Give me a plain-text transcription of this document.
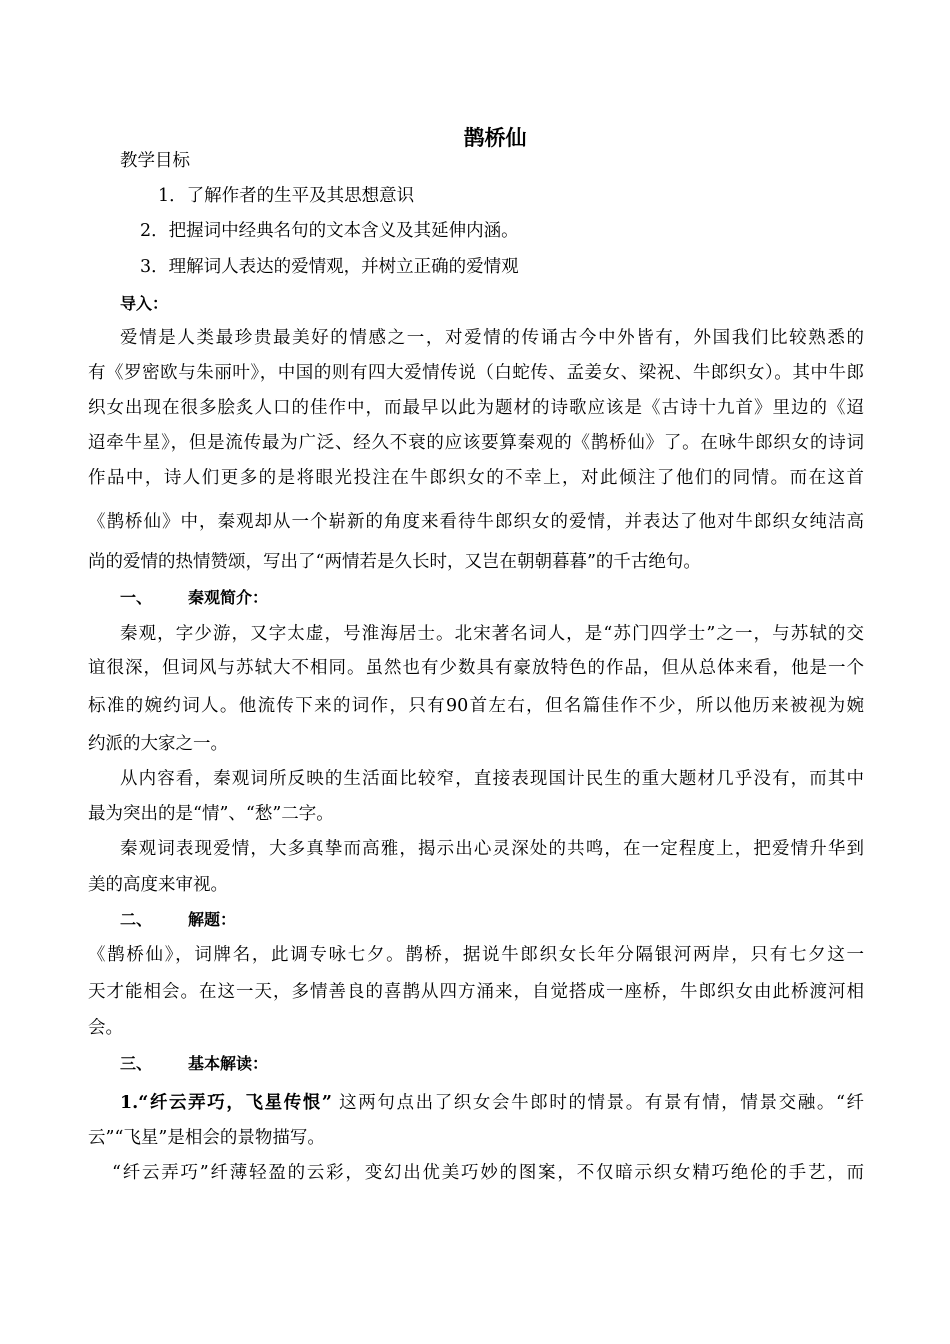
鹊桥仙

教学目标

1．了解作者的生平及其思想意识

2．把握词中经典名句的文本含义及其延伸内涵。

3．理解词人表达的爱情观，并树立正确的爱情观

导入：

爱情是人类最珍贵最美好的情感之一，对爱情的传诵古今中外皆有，外国我们比较熟悉的

有《罗密欧与朱丽叶》，中国的则有四大爱情传说（白蛇传、孟姜女、梁祝、牛郎织女）。其中牛郎

织女出现在很多脍炙人口的佳作中，而最早以此为题材的诗歌应该是《古诗十九首》里边的《迢

迢牵牛星》，但是流传最为广泛、经久不衰的应该要算秦观的《鹊桥仙》了。在咏牛郎织女的诗词

作品中，诗人们更多的是将眼光投注在牛郎织女的不幸上，对此倾注了他们的同情。而在这首

《鹊桥仙》中，秦观却从一个崭新的角度来看待牛郎织女的爱情，并表达了他对牛郎织女纯洁高

尚的爱情的热情赞颂，写出了“两情若是久长时，又岂在朝朝暮暮”的千古绝句。

一、 秦观简介：

秦观，字少游，又字太虚，号淮海居士。北宋著名词人，是“苏门四学士”之一，与苏轼的交

谊很深，但词风与苏轼大不相同。虽然也有少数具有豪放特色的作品，但从总体来看，他是一个

标准的婉约词人。他流传下来的词作，只有90首左右，但名篇佳作不少，所以他历来被视为婉

约派的大家之一。

从内容看，秦观词所反映的生活面比较窄，直接表现国计民生的重大题材几乎没有，而其中

最为突出的是“情”、“愁”二字。

秦观词表现爱情，大多真挚而高雅，揭示出心灵深处的共鸣，在一定程度上，把爱情升华到

美的高度来审视。

二、 解题：

《鹊桥仙》，词牌名，此调专咏七夕。鹊桥，据说牛郎织女长年分隔银河两岸，只有七夕这一

天才能相会。在这一天，多情善良的喜鹊从四方涌来，自觉搭成一座桥，牛郎织女由此桥渡河相

会。

三、 基本解读：

1.“纤云弄巧，飞星传恨” 这两句点出了织女会牛郎时的情景。有景有情，情景交融。“纤

云”“飞星”是相会的景物描写。

“纤云弄巧”纤薄轻盈的云彩，变幻出优美巧妙的图案，不仅暗示织女精巧绝伦的手艺，而
